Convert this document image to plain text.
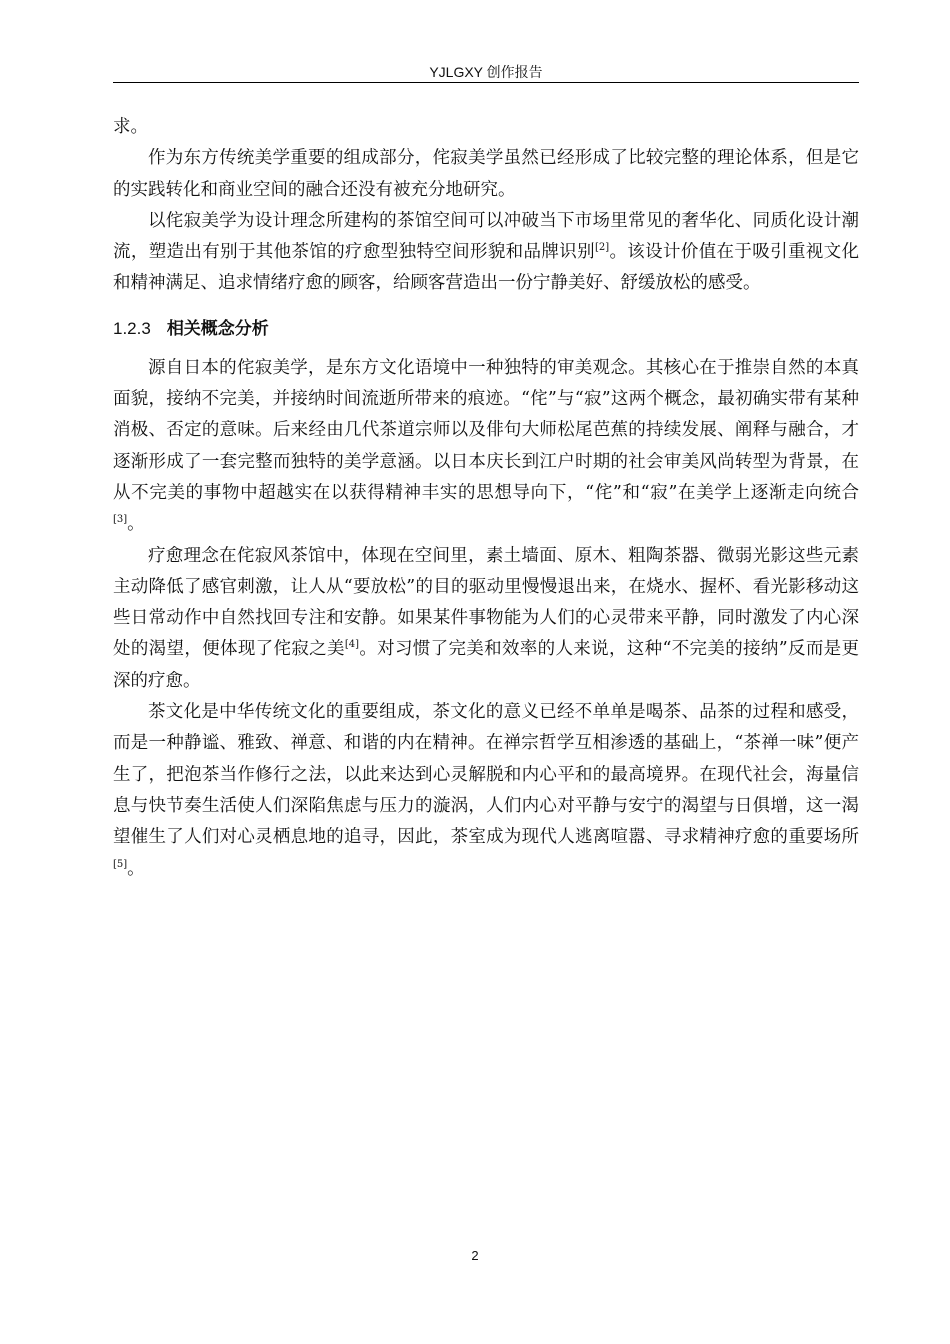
YJLGXY 创作报告

求。

作为东方传统美学重要的组成部分，侘寂美学虽然已经形成了比较完整的理论体系，但是它的实践转化和商业空间的融合还没有被充分地研究。

以侘寂美学为设计理念所建构的茶馆空间可以冲破当下市场里常见的奢华化、同质化设计潮流，塑造出有别于其他茶馆的疗愈型独特空间形貌和品牌识别[2]。该设计价值在于吸引重视文化和精神满足、追求情绪疗愈的顾客，给顾客营造出一份宁静美好、舒缓放松的感受。

1.2.3 相关概念分析

源自日本的侘寂美学，是东方文化语境中一种独特的审美观念。其核心在于推崇自然的本真面貌，接纳不完美，并接纳时间流逝所带来的痕迹。“侘”与“寂”这两个概念，最初确实带有某种消极、否定的意味。后来经由几代茶道宗师以及俳句大师松尾芭蕉的持续发展、阐释与融合，才逐渐形成了一套完整而独特的美学意涵。以日本庆长到江户时期的社会审美风尚转型为背景，在从不完美的事物中超越实在以获得精神丰实的思想导向下，“侘”和“寂”在美学上逐渐走向统合[3]。

疗愈理念在侘寂风茶馆中，体现在空间里，素土墙面、原木、粗陶茶器、微弱光影这些元素主动降低了感官刺激，让人从“要放松”的目的驱动里慢慢退出来，在烧水、握杯、看光影移动这些日常动作中自然找回专注和安静。如果某件事物能为人们的心灵带来平静，同时激发了内心深处的渴望，便体现了侘寂之美[4]。对习惯了完美和效率的人来说，这种“不完美的接纳”反而是更深的疗愈。

茶文化是中华传统文化的重要组成，茶文化的意义已经不单单是喝茶、品茶的过程和感受，而是一种静谧、雅致、禅意、和谐的内在精神。在禅宗哲学互相渗透的基础上，“茶禅一味”便产生了，把泡茶当作修行之法，以此来达到心灵解脱和内心平和的最高境界。在现代社会，海量信息与快节奏生活使人们深陷焦虑与压力的漩涡，人们内心对平静与安宁的渴望与日俱增，这一渴望催生了人们对心灵栖息地的追寻，因此，茶室成为现代人逃离喧嚣、寻求精神疗愈的重要场所[5]。

2
